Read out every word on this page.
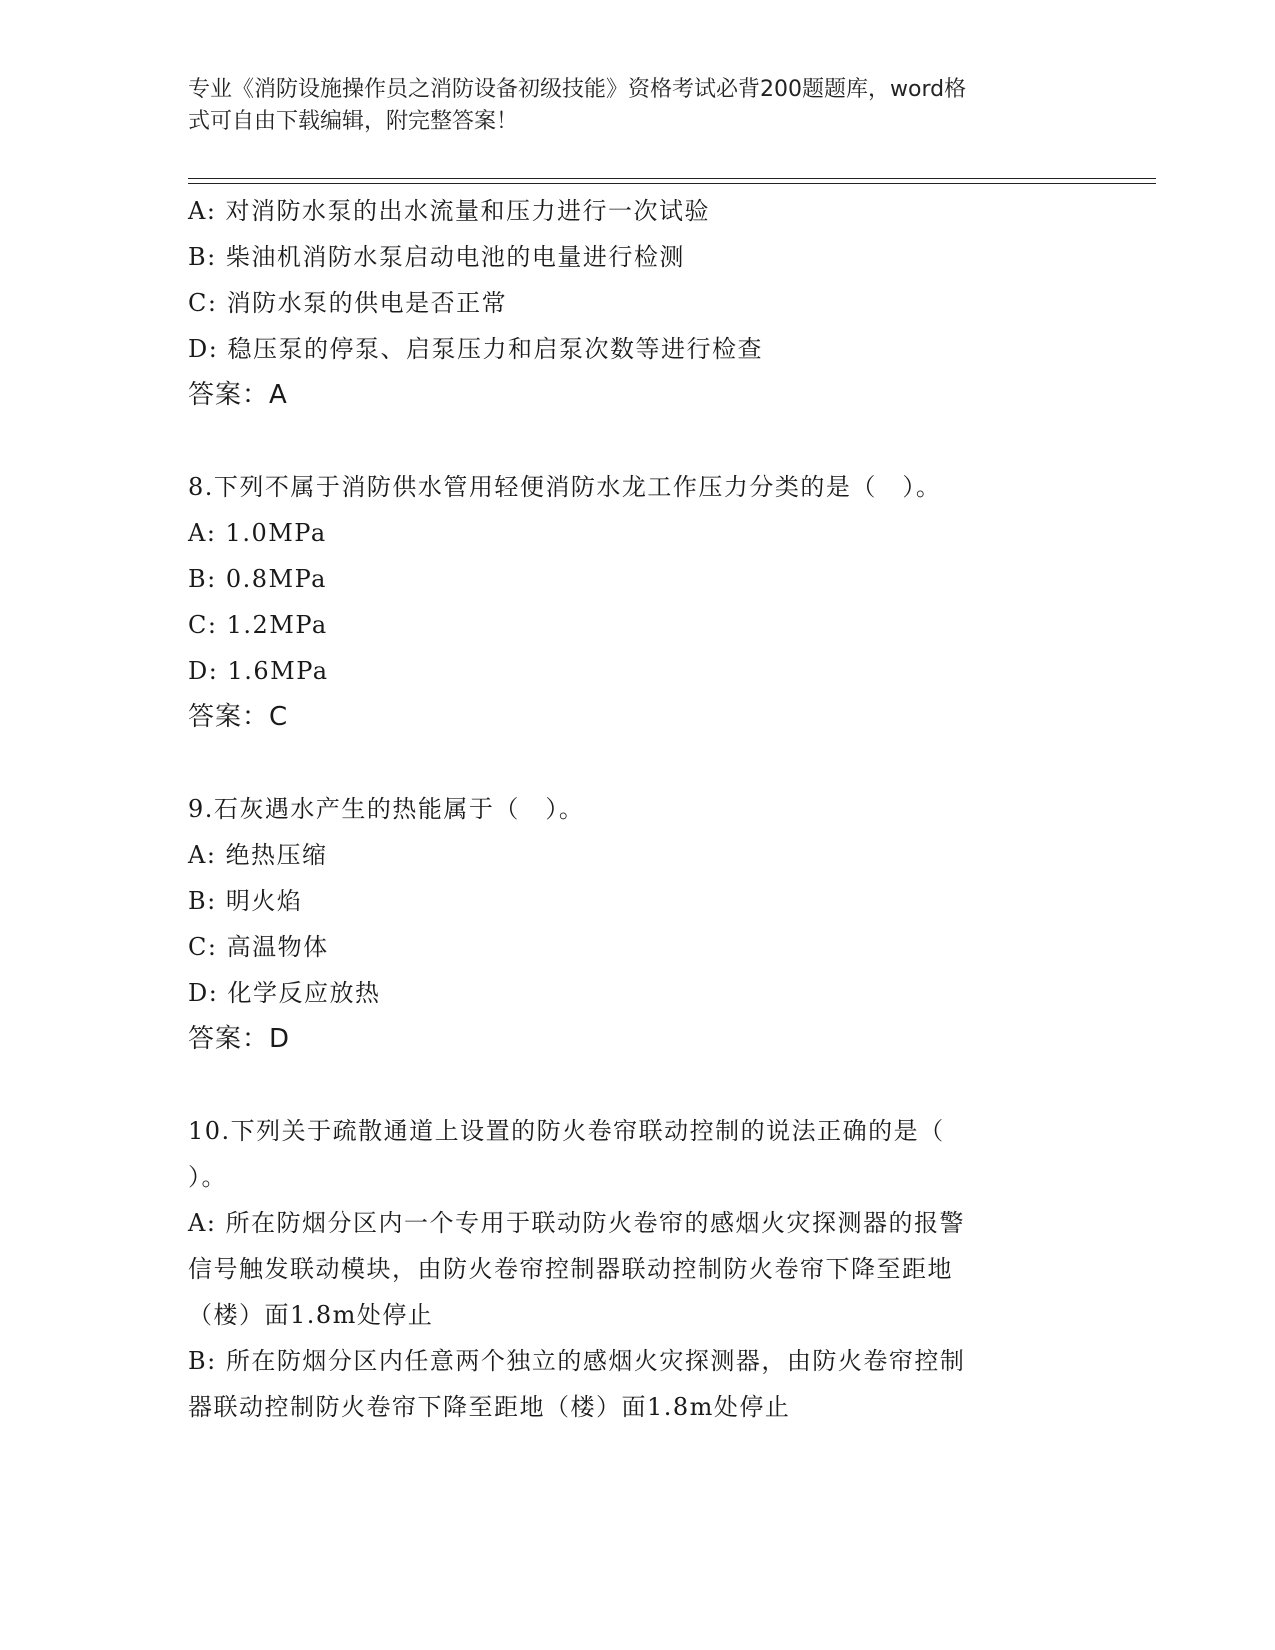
专业《消防设施操作员之消防设备初级技能》资格考试必背200题题库，word格
式可自由下载编辑，附完整答案！
A: 对消防水泵的出水流量和压力进行一次试验
B: 柴油机消防水泵启动电池的电量进行检测
C: 消防水泵的供电是否正常
D: 稳压泵的停泵、启泵压力和启泵次数等进行检查
答案：A
8.下列不属于消防供水管用轻便消防水龙工作压力分类的是（　）。
A: 1.0MPa
B: 0.8MPa
C: 1.2MPa
D: 1.6MPa
答案：C
9.石灰遇水产生的热能属于（　）。
A: 绝热压缩
B: 明火焰
C: 高温物体
D: 化学反应放热
答案：D
10.下列关于疏散通道上设置的防火卷帘联动控制的说法正确的是（
）。
A: 所在防烟分区内一个专用于联动防火卷帘的感烟火灾探测器的报警
信号触发联动模块，由防火卷帘控制器联动控制防火卷帘下降至距地
（楼）面1.8m处停止
B: 所在防烟分区内任意两个独立的感烟火灾探测器，由防火卷帘控制
器联动控制防火卷帘下降至距地（楼）面1.8m处停止
